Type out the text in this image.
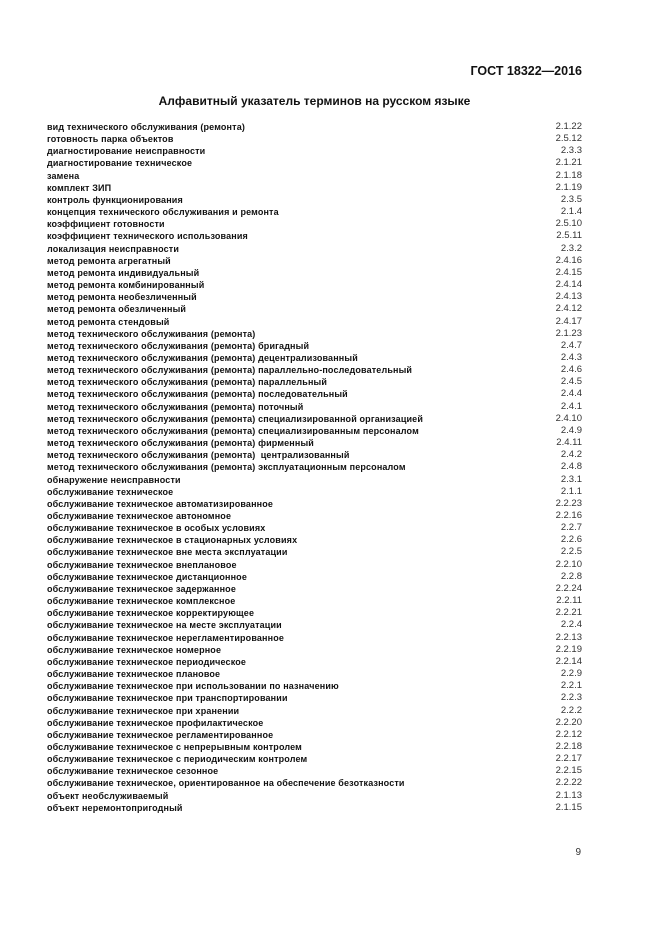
ГОСТ 18322—2016
Алфавитный указатель терминов на русском языке
вид технического обслуживания (ремонта)	2.1.22
готовность парка объектов	2.5.12
диагностирование неисправности	2.3.3
диагностирование техническое	2.1.21
замена	2.1.18
комплект ЗИП	2.1.19
контроль функционирования	2.3.5
концепция технического обслуживания и ремонта	2.1.4
коэффициент готовности	2.5.10
коэффициент технического использования	2.5.11
локализация неисправности	2.3.2
метод ремонта агрегатный	2.4.16
метод ремонта индивидуальный	2.4.15
метод ремонта комбинированный	2.4.14
метод ремонта необезличенный	2.4.13
метод ремонта обезличенный	2.4.12
метод ремонта стендовый	2.4.17
метод технического обслуживания (ремонта)	2.1.23
метод технического обслуживания (ремонта) бригадный	2.4.7
метод технического обслуживания (ремонта) децентрализованный	2.4.3
метод технического обслуживания (ремонта) параллельно-последовательный	2.4.6
метод технического обслуживания (ремонта) параллельный	2.4.5
метод технического обслуживания (ремонта) последовательный	2.4.4
метод технического обслуживания (ремонта) поточный	2.4.1
метод технического обслуживания (ремонта) специализированной организацией	2.4.10
метод технического обслуживания (ремонта) специализированным персоналом	2.4.9
метод технического обслуживания (ремонта) фирменный	2.4.11
метод технического обслуживания (ремонта)  централизованный	2.4.2
метод технического обслуживания (ремонта) эксплуатационным персоналом	2.4.8
обнаружение неисправности	2.3.1
обслуживание техническое	2.1.1
обслуживание техническое автоматизированное	2.2.23
обслуживание техническое автономное	2.2.16
обслуживание техническое в особых условиях	2.2.7
обслуживание техническое в стационарных условиях	2.2.6
обслуживание техническое вне места эксплуатации	2.2.5
обслуживание техническое внеплановое	2.2.10
обслуживание техническое дистанционное	2.2.8
обслуживание техническое задержанное	2.2.24
обслуживание техническое комплексное	2.2.11
обслуживание техническое корректирующее	2.2.21
обслуживание техническое на месте эксплуатации	2.2.4
обслуживание техническое нерегламентированное	2.2.13
обслуживание техническое номерное	2.2.19
обслуживание техническое периодическое	2.2.14
обслуживание техническое плановое	2.2.9
обслуживание техническое при использовании по назначению	2.2.1
обслуживание техническое при транспортировании	2.2.3
обслуживание техническое при хранении	2.2.2
обслуживание техническое профилактическое	2.2.20
обслуживание техническое регламентированное	2.2.12
обслуживание техническое с непрерывным контролем	2.2.18
обслуживание техническое с периодическим контролем	2.2.17
обслуживание техническое сезонное	2.2.15
обслуживание техническое, ориентированное на обеспечение безотказности	2.2.22
объект необслуживаемый	2.1.13
объект неремонтопригодный	2.1.15
9
